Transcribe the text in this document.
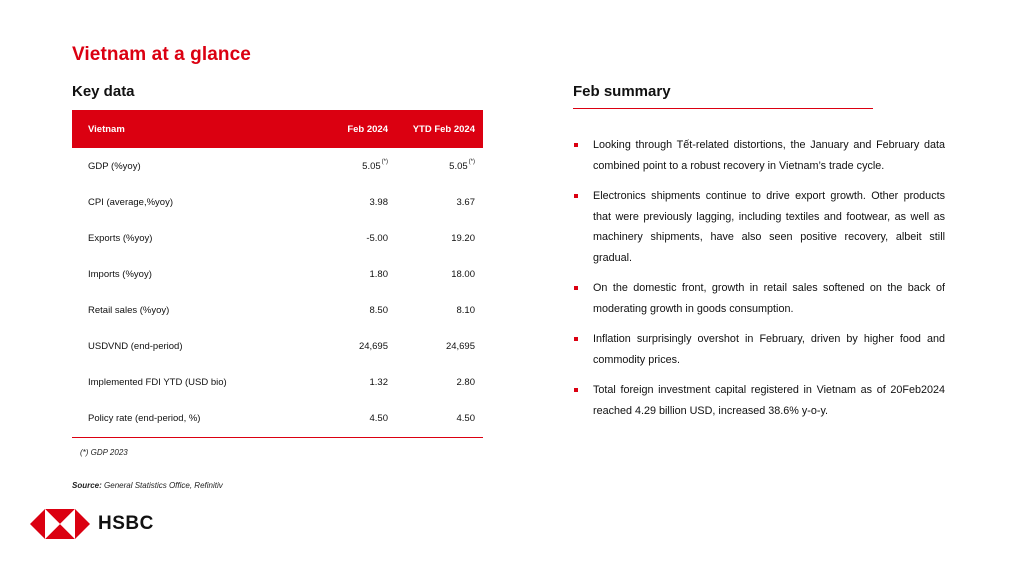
Vietnam at a glance
Key data
Vietnam	Feb 2024	YTD Feb 2024
GDP (%yoy)	5.05(*)	5.05(*)
CPI (average,%yoy)	3.98	3.67
Exports (%yoy)	-5.00	19.20
Imports (%yoy)	1.80	18.00
Retail sales (%yoy)	8.50	8.10
USDVND (end-period)	24,695	24,695
Implemented FDI YTD (USD bio)	1.32	2.80
Policy rate (end-period, %)	4.50	4.50
(*) GDP 2023
Source: General Statistics Office, Refinitiv
Feb summary
Looking through Tết-related distortions, the January and February data combined point to a robust recovery in Vietnam’s trade cycle.
Electronics shipments continue to drive export growth. Other products that were previously lagging, including textiles and footwear, as well as machinery shipments, have also seen positive recovery, albeit still gradual.
On the domestic front, growth in retail sales softened on the back of moderating growth in goods consumption.
Inflation surprisingly overshot in February, driven by higher food and commodity prices.
Total foreign investment capital registered in Vietnam as of 20Feb2024 reached 4.29 billion USD, increased 38.6% y-o-y.
HSBC
